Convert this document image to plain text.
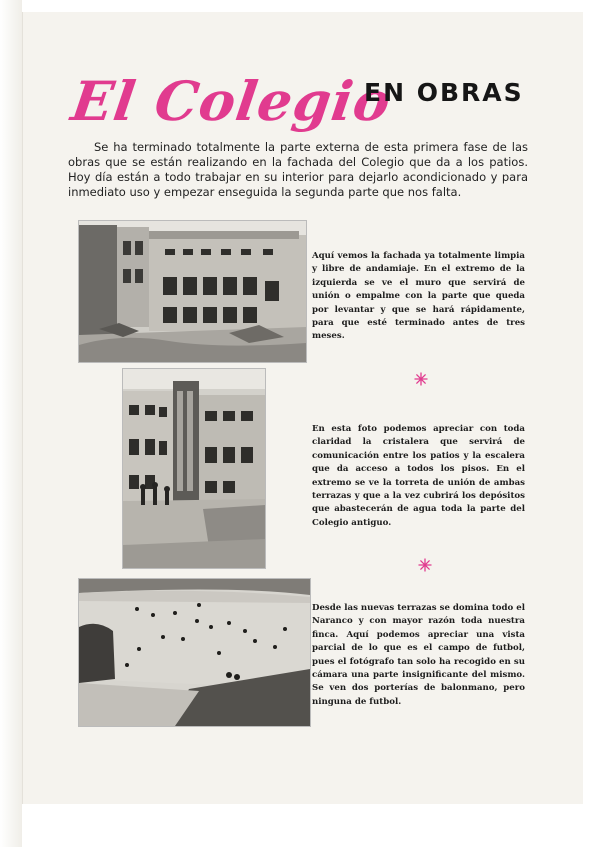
El Colegio
EN OBRAS

Se ha terminado totalmente la parte externa de esta primera fase de las obras que se están realizando en la fachada del Colegio que da a los patios. Hoy día están a todo trabajar en su interior para dejarlo acondicionado y para inmediato uso y empezar enseguida la segunda parte que nos falta.

Aquí vemos la fachada ya totalmente limpia y libre de andamiaje. En el extremo de la izquierda se ve el muro que servirá de unión o empalme con la parte que queda por levantar y que se hará rápidamente, para que esté terminado antes de tres meses.
En esta foto podemos apreciar con toda claridad la cristalera que servirá de comunicación entre los patios y la escalera que da acceso a todos los pisos. En el extremo se ve la torreta de unión de ambas terrazas y que a la vez cubrirá los depósitos que abastecerán de agua toda la parte del Colegio antiguo.
Desde las nuevas terrazas se domina todo el Naranco y con mayor razón toda nuestra finca. Aquí podemos apreciar una vista parcial de lo que es el campo de futbol, pues el fotógrafo tan solo ha recogido en su cámara una parte insignificante del mismo. Se ven dos porterías de balonmano, pero ninguna de futbol.
